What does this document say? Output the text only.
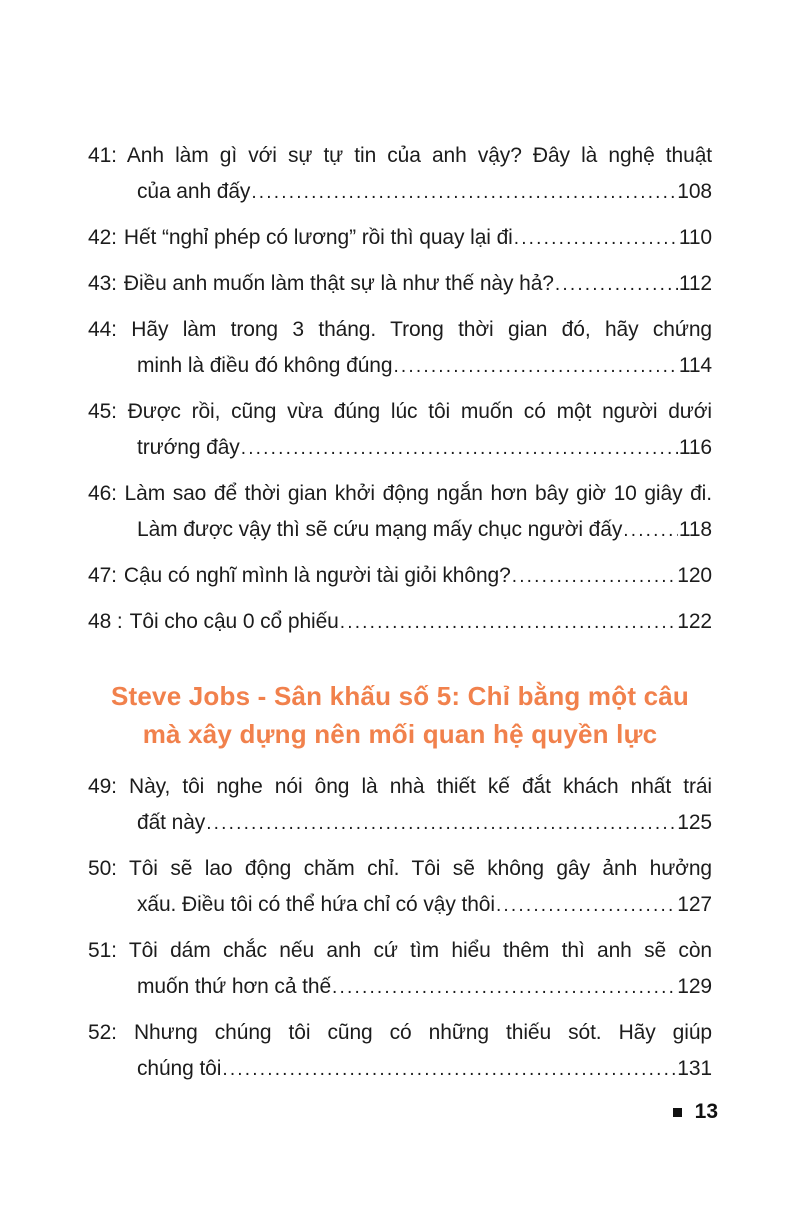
41: Anh làm gì với sự tự tin của anh vậy? Đây là nghệ thuật
của anh đấy .....	108
42: Hết “nghỉ phép có lương” rồi thì quay lại đi .....	110
43: Điều anh muốn làm thật sự là như thế này hả? .....	112
44: Hãy làm trong 3 tháng. Trong thời gian đó, hãy chứng
minh là điều đó không đúng .....	114
45: Được rồi, cũng vừa đúng lúc tôi muốn có một người dưới
trướng đây .....	116
46: Làm sao để thời gian khởi động ngắn hơn bây giờ 10 giây đi.
Làm được vậy thì sẽ cứu mạng mấy chục người đấy .....	118
47: Cậu có nghĩ mình là người tài giỏi không? .....	120
48 : Tôi cho cậu 0 cổ phiếu .....	122
Steve Jobs - Sân khấu số 5: Chỉ bằng một câu
mà xây dựng nên mối quan hệ quyền lực
49: Này, tôi nghe nói ông là nhà thiết kế đắt khách nhất trái
đất này .....	125
50: Tôi sẽ lao động chăm chỉ. Tôi sẽ không gây ảnh hưởng
xấu. Điều tôi có thể hứa chỉ có vậy thôi .....	127
51: Tôi dám chắc nếu anh cứ tìm hiểu thêm thì anh sẽ còn
muốn thứ hơn cả thế .....	129
52: Nhưng chúng tôi cũng có những thiếu sót. Hãy giúp
chúng tôi .....	131
13
